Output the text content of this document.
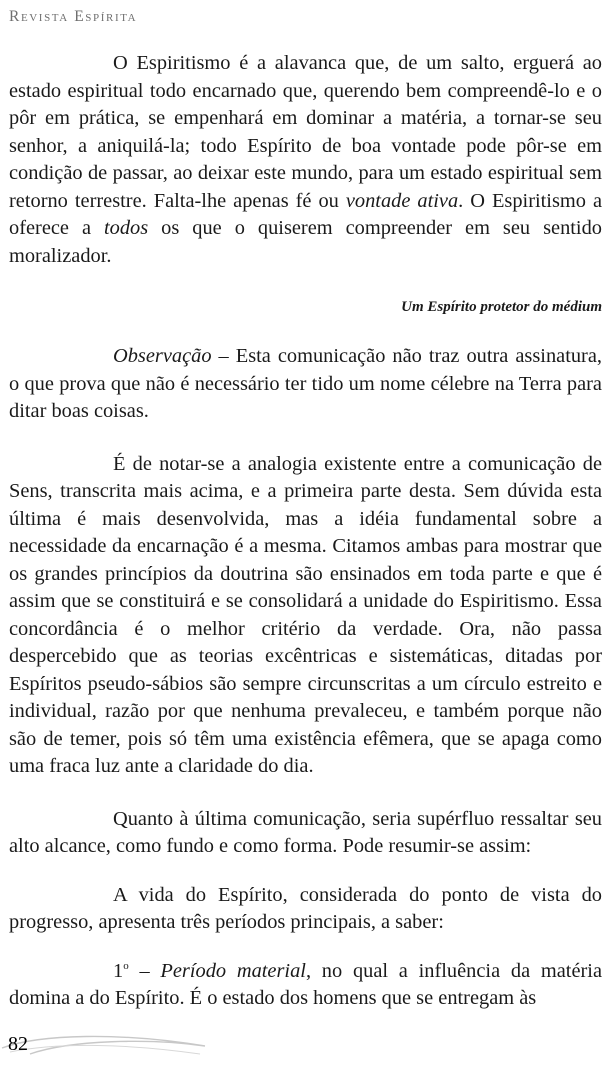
Revista Espírita

O Espiritismo é a alavanca que, de um salto, erguerá ao estado espiritual todo encarnado que, querendo bem compreendê-lo e o pôr em prática, se empenhará em dominar a matéria, a tornar-se seu senhor, a aniquilá-la; todo Espírito de boa vontade pode pôr-se em condição de passar, ao deixar este mundo, para um estado espiritual sem retorno terrestre. Falta-lhe apenas fé ou vontade ativa. O Espiritismo a oferece a todos os que o quiserem compreender em seu sentido moralizador.

Um Espírito protetor do médium

Observação – Esta comunicação não traz outra assinatura, o que prova que não é necessário ter tido um nome célebre na Terra para ditar boas coisas.

É de notar-se a analogia existente entre a comunicação de Sens, transcrita mais acima, e a primeira parte desta. Sem dúvida esta última é mais desenvolvida, mas a idéia fundamental sobre a necessidade da encarnação é a mesma. Citamos ambas para mostrar que os grandes princípios da doutrina são ensinados em toda parte e que é assim que se constituirá e se consolidará a unidade do Espiritismo. Essa concordância é o melhor critério da verdade. Ora, não passa despercebido que as teorias excêntricas e sistemáticas, ditadas por Espíritos pseudo-sábios são sempre circunscritas a um círculo estreito e individual, razão por que nenhuma prevaleceu, e também porque não são de temer, pois só têm uma existência efêmera, que se apaga como uma fraca luz ante a claridade do dia.

Quanto à última comunicação, seria supérfluo ressaltar seu alto alcance, como fundo e como forma. Pode resumir-se assim:

A vida do Espírito, considerada do ponto de vista do progresso, apresenta três períodos principais, a saber:

1$^o$ – Período material, no qual a influência da matéria domina a do Espírito. É o estado dos homens que se entregam às

82
